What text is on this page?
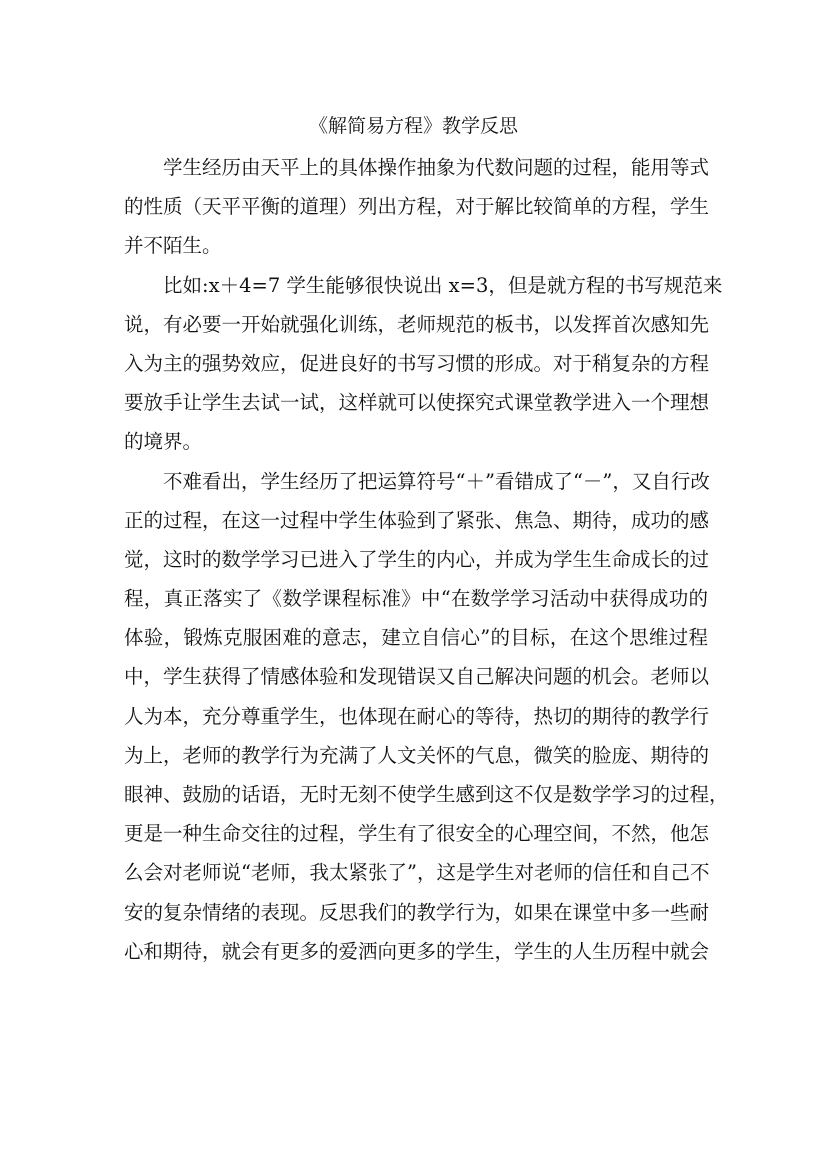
《解简易方程》教学反思
学生经历由天平上的具体操作抽象为代数问题的过程，能用等式
的性质（天平平衡的道理）列出方程，对于解比较简单的方程，学生
并不陌生。
比如:x＋4=7 学生能够很快说出 x=3，但是就方程的书写规范来
说，有必要一开始就强化训练，老师规范的板书，以发挥首次感知先
入为主的强势效应，促进良好的书写习惯的形成。对于稍复杂的方程
要放手让学生去试一试，这样就可以使探究式课堂教学进入一个理想
的境界。
不难看出，学生经历了把运算符号“＋”看错成了“－”，又自行改
正的过程，在这一过程中学生体验到了紧张、焦急、期待，成功的感
觉，这时的数学学习已进入了学生的内心，并成为学生生命成长的过
程，真正落实了《数学课程标准》中“在数学学习活动中获得成功的
体验，锻炼克服困难的意志，建立自信心”的目标，在这个思维过程
中，学生获得了情感体验和发现错误又自己解决问题的机会。老师以
人为本，充分尊重学生，也体现在耐心的等待，热切的期待的教学行
为上，老师的教学行为充满了人文关怀的气息，微笑的脸庞、期待的
眼神、鼓励的话语，无时无刻不使学生感到这不仅是数学学习的过程，
更是一种生命交往的过程，学生有了很安全的心理空间，不然，他怎
么会对老师说“老师，我太紧张了”，这是学生对老师的信任和自己不
安的复杂情绪的表现。反思我们的教学行为，如果在课堂中多一些耐
心和期待，就会有更多的爱洒向更多的学生，学生的人生历程中就会
